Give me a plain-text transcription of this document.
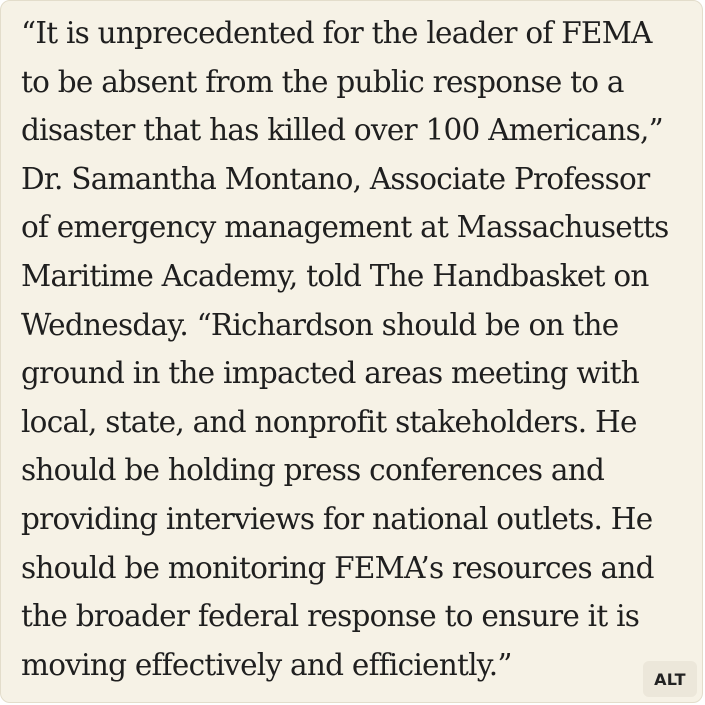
“It is unprecedented for the leader of FEMA
to be absent from the public response to a
disaster that has killed over 100 Americans,”
Dr. Samantha Montano, Associate Professor
of emergency management at Massachusetts
Maritime Academy, told The Handbasket on
Wednesday. “Richardson should be on the
ground in the impacted areas meeting with
local, state, and nonprofit stakeholders. He
should be holding press conferences and
providing interviews for national outlets. He
should be monitoring FEMA’s resources and
the broader federal response to ensure it is
moving effectively and efficiently.”	ALT
